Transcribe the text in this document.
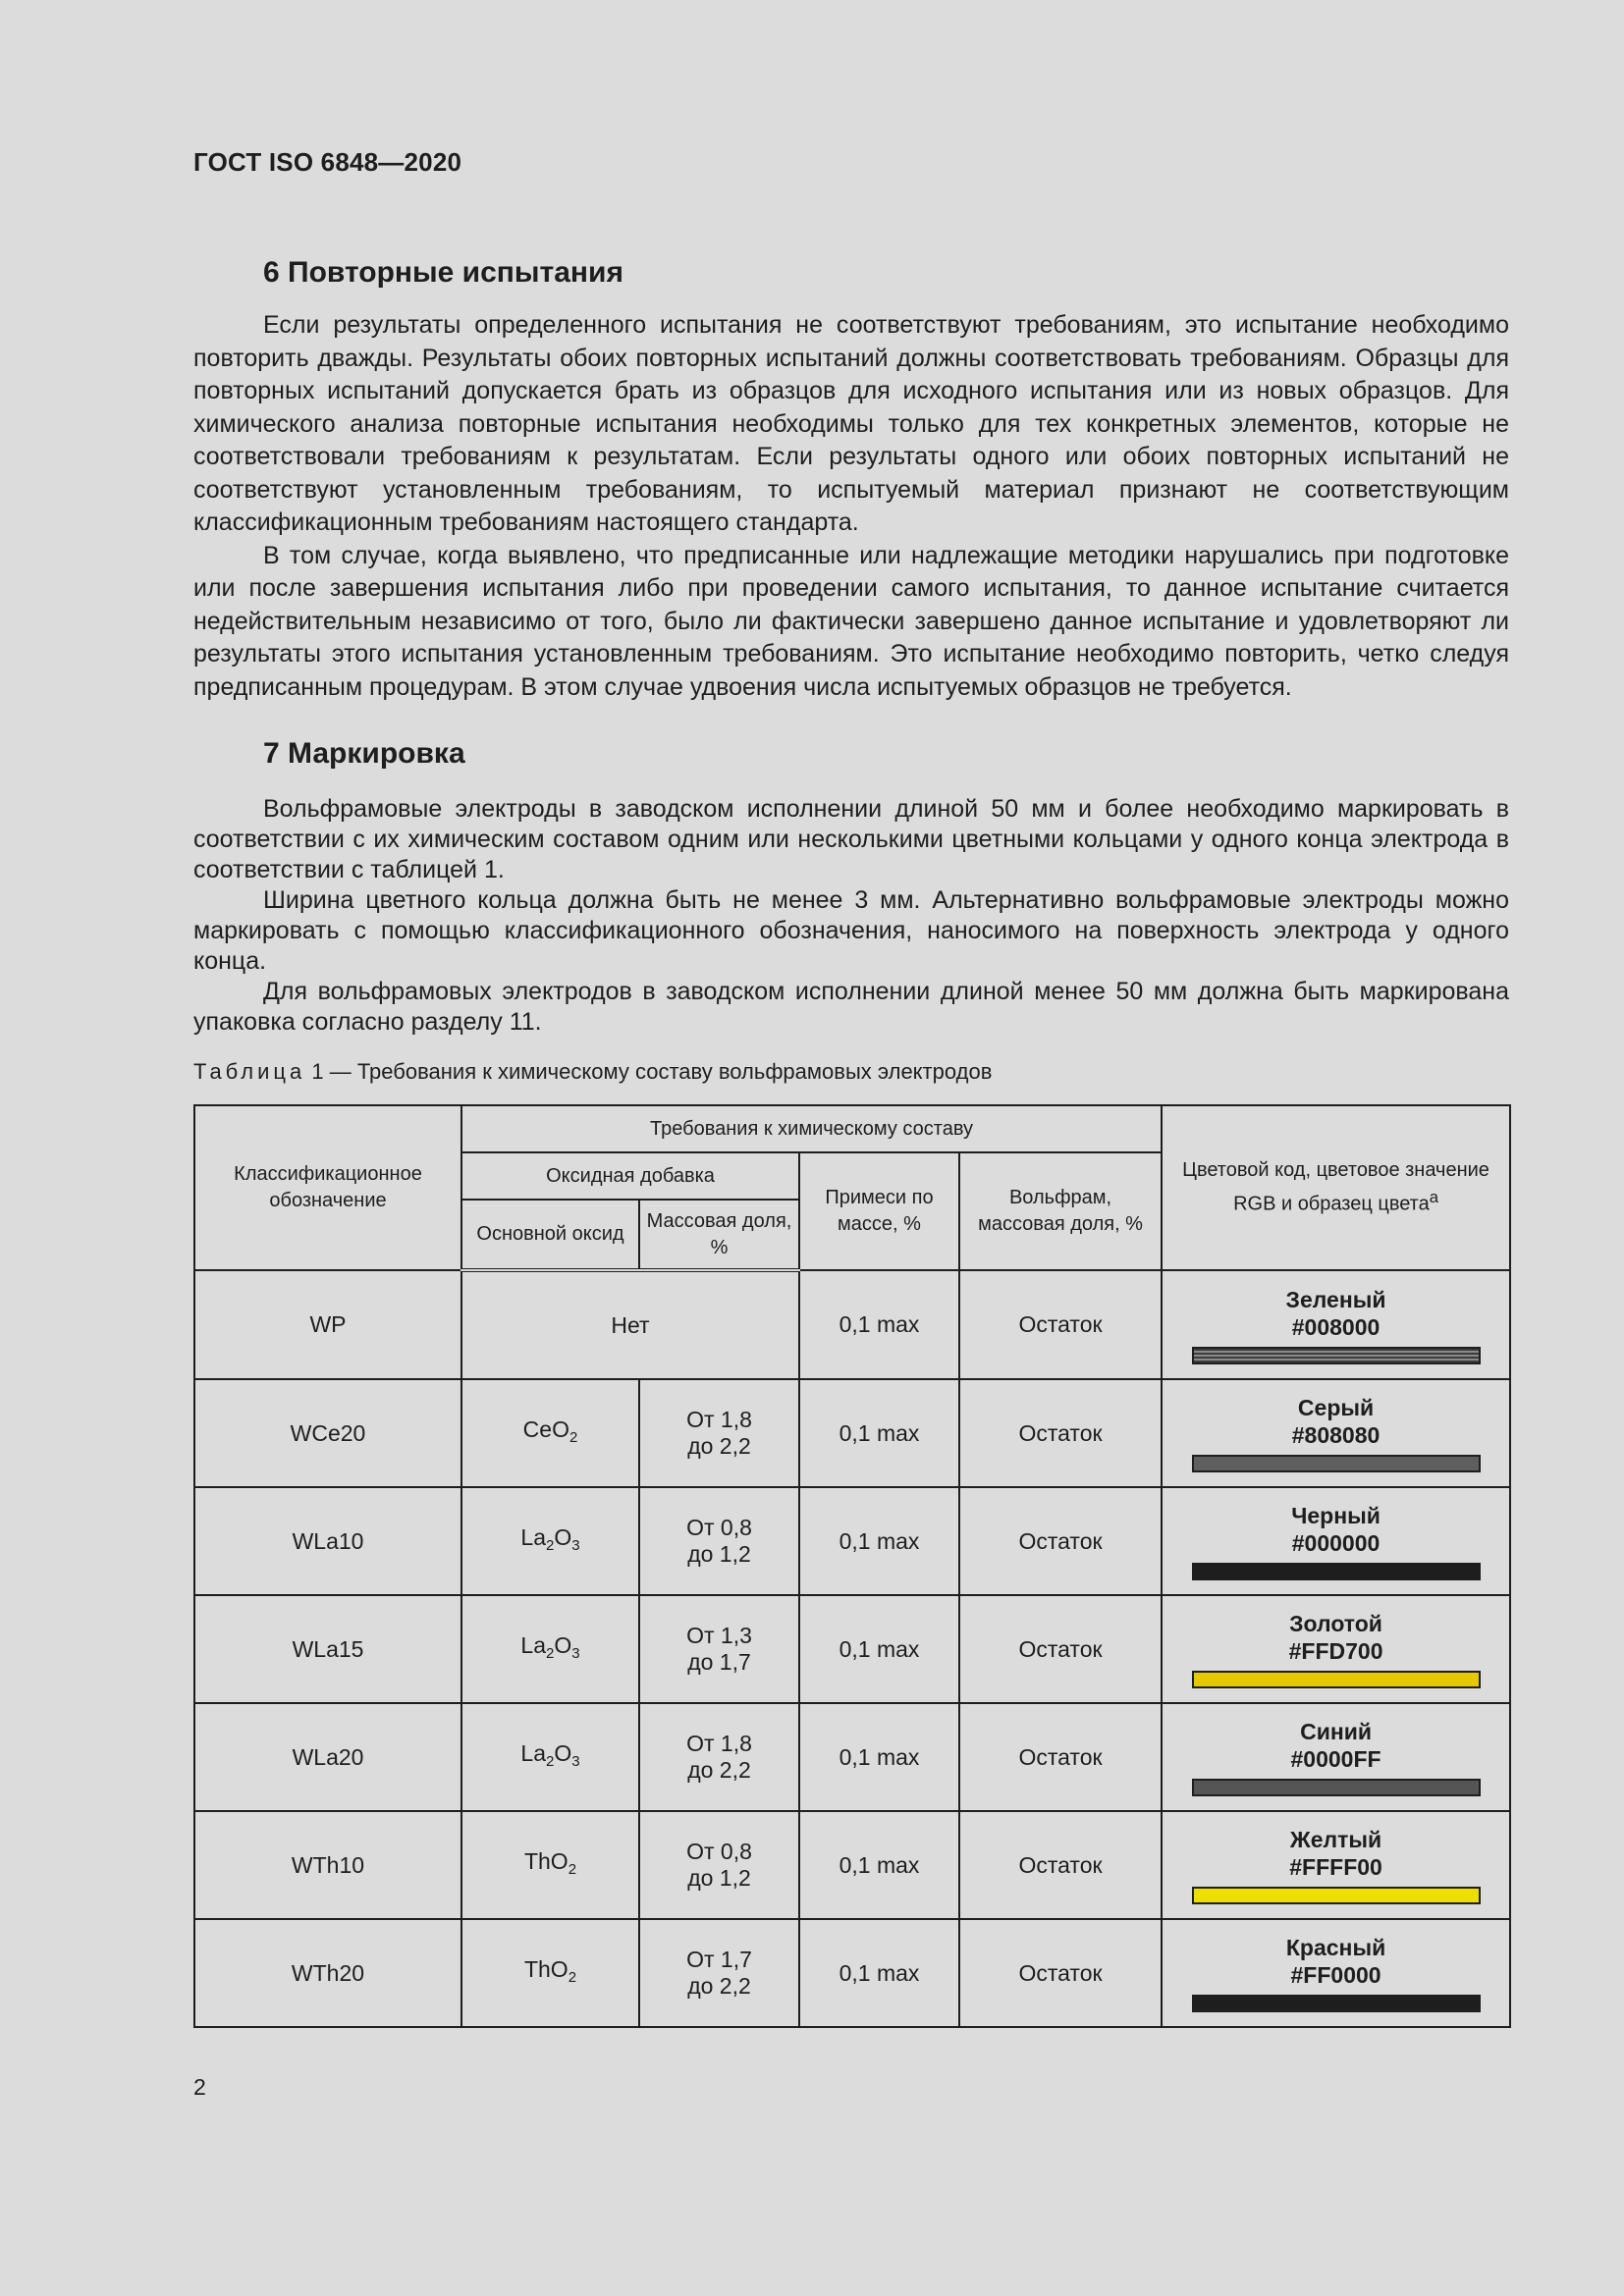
ГОСТ ISO 6848—2020

6 Повторные испытания

Если результаты определенного испытания не соответствуют требованиям, это испытание необходимо повторить дважды. Результаты обоих повторных испытаний должны соответствовать требованиям. Образцы для повторных испытаний допускается брать из образцов для исходного испытания или из новых образцов. Для химического анализа повторные испытания необходимы только для тех конкретных элементов, которые не соответствовали требованиям к результатам. Если результаты одного или обоих повторных испытаний не соответствуют установленным требованиям, то испытуемый материал признают не соответствующим классификационным требованиям настоящего стандарта.

В том случае, когда выявлено, что предписанные или надлежащие методики нарушались при подготовке или после завершения испытания либо при проведении самого испытания, то данное испытание считается недействительным независимо от того, было ли фактически завершено данное испытание и удовлетворяют ли результаты этого испытания установленным требованиям. Это испытание необходимо повторить, четко следуя предписанным процедурам. В этом случае удвоения числа испытуемых образцов не требуется.

7 Маркировка

Вольфрамовые электроды в заводском исполнении длиной 50 мм и более необходимо маркировать в соответствии с их химическим составом одним или несколькими цветными кольцами у одного конца электрода в соответствии с таблицей 1.

Ширина цветного кольца должна быть не менее 3 мм. Альтернативно вольфрамовые электроды можно маркировать с помощью классификационного обозначения, наносимого на поверхность электрода у одного конца.

Для вольфрамовых электродов в заводском исполнении длиной менее 50 мм должна быть маркирована упаковка согласно разделу 11.

Таблица 1 — Требования к химическому составу вольфрамовых электродов
Классификационное обозначение	Требования к химическому составу				Цветовой код, цветовое значение RGB и образец цвета$^a$
	Оксидная добавка		Примеси по массе, %	Вольфрам, массовая доля, %	
	Основной оксид	Массовая доля, %			
WP	Нет		0,1 max	Остаток	Зеленый
#008000

WCe20	CeO$_2$	От 1,8
до 2,2	0,1 max	Остаток	Серый
#808080

WLa10	$La_2O_3$	От 0,8
до 1,2	0,1 max	Остаток	Черный
#000000

WLa15	$La_2O_3$	От 1,3
до 1,7	0,1 max	Остаток	Золотой
#FFD700

WLa20	$La_2O_3$	От 1,8
до 2,2	0,1 max	Остаток	Синий
#0000FF

WTh10	ThO$_2$	От 0,8
до 1,2	0,1 max	Остаток	Желтый
#FFFF00

WTh20	ThO$_2$	От 1,7
до 2,2	0,1 max	Остаток	Красный
#FF0000
2
